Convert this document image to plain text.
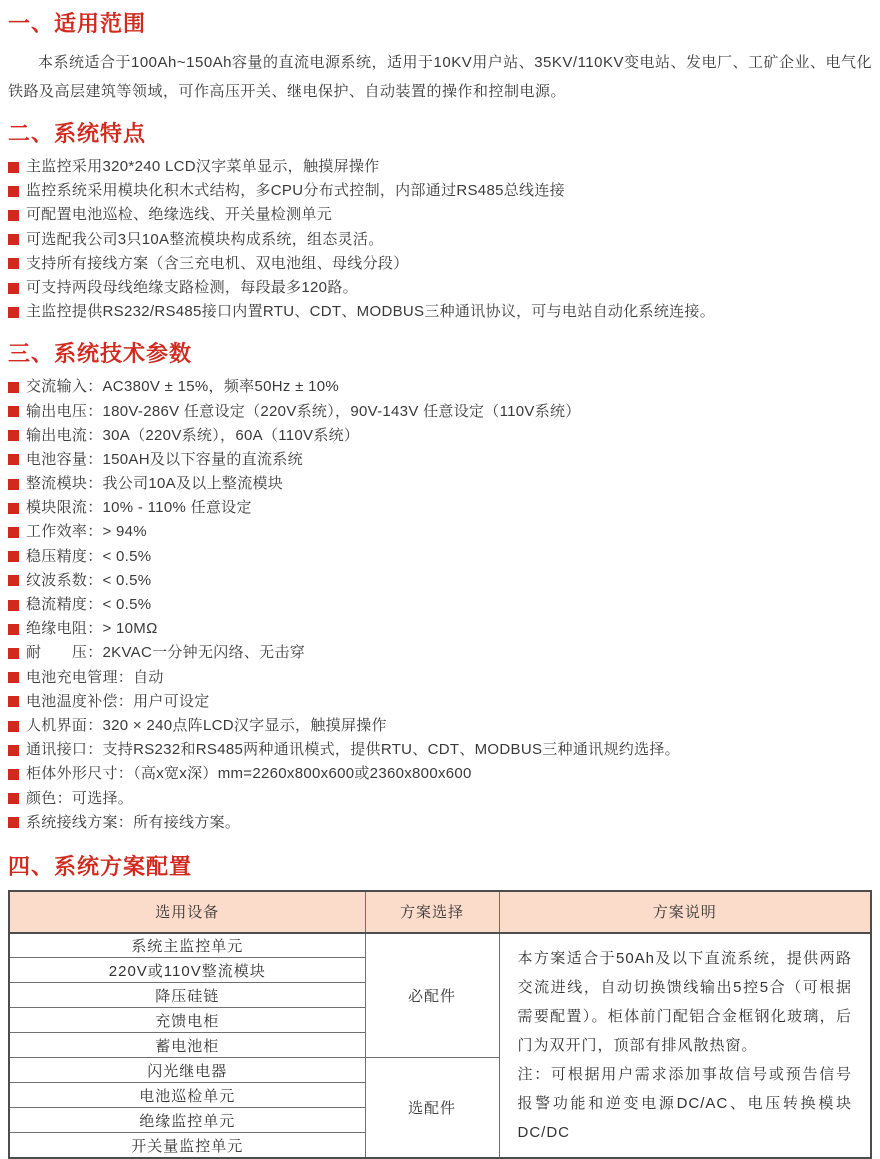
一、适用范围

本系统适合于100Ah~150Ah容量的直流电源系统，适用于10KV用户站、35KV/110KV变电站、发电厂、工矿企业、电气化铁路及高层建筑等领域，可作高压开关、继电保护、自动装置的操作和控制电源。

二、系统特点
主监控采用320*240 LCD汉字菜单显示，触摸屏操作
监控系统采用模块化积木式结构，多CPU分布式控制，内部通过RS485总线连接
可配置电池巡检、绝缘选线、开关量检测单元
可选配我公司3只10A整流模块构成系统，组态灵活。
支持所有接线方案（含三充电机、双电池组、母线分段）
可支持两段母线绝缘支路检测，每段最多120路。
主监控提供RS232/RS485接口内置RTU、CDT、MODBUS三种通讯协议，可与电站自动化系统连接。
三、系统技术参数
交流输入：AC380V ± 15%，频率50Hz ± 10%
输出电压：180V-286V 任意设定（220V系统），90V-143V 任意设定（110V系统）
输出电流：30A（220V系统），60A（110V系统）
电池容量：150AH及以下容量的直流系统
整流模块：我公司10A及以上整流模块
模块限流：10% - 110% 任意设定
工作效率：> 94%
稳压精度：< 0.5%
纹波系数：< 0.5%
稳流精度：< 0.5%
绝缘电阻：> 10MΩ
耐　　压：2KVAC一分钟无闪络、无击穿
电池充电管理：自动
电池温度补偿：用户可设定
人机界面：320 × 240点阵LCD汉字显示，触摸屏操作
通讯接口：支持RS232和RS485两种通讯模式，提供RTU、CDT、MODBUS三种通讯规约选择。
柜体外形尺寸：（高x宽x深）mm=2260x800x600或2360x800x600
颜色：可选择。
系统接线方案：所有接线方案。
四、系统方案配置
选用设备	方案选择	方案说明
系统主监控单元	必配件	本方案适合于50Ah及以下直流系统，提供两路交流进线，自动切换馈线输出5控5合（可根据需要配置）。柜体前门配铝合金框钢化玻璃，后门为双开门，顶部有排风散热窗。

注：可根据用户需求添加事故信号或预告信号报警功能和逆变电源DC/AC、电压转换模块DC/DC

220V或110V整流模块		
降压硅链		
充馈电柜		
蓄电池柜		
闪光继电器	选配件	
电池巡检单元		
绝缘监控单元		
开关量监控单元		
